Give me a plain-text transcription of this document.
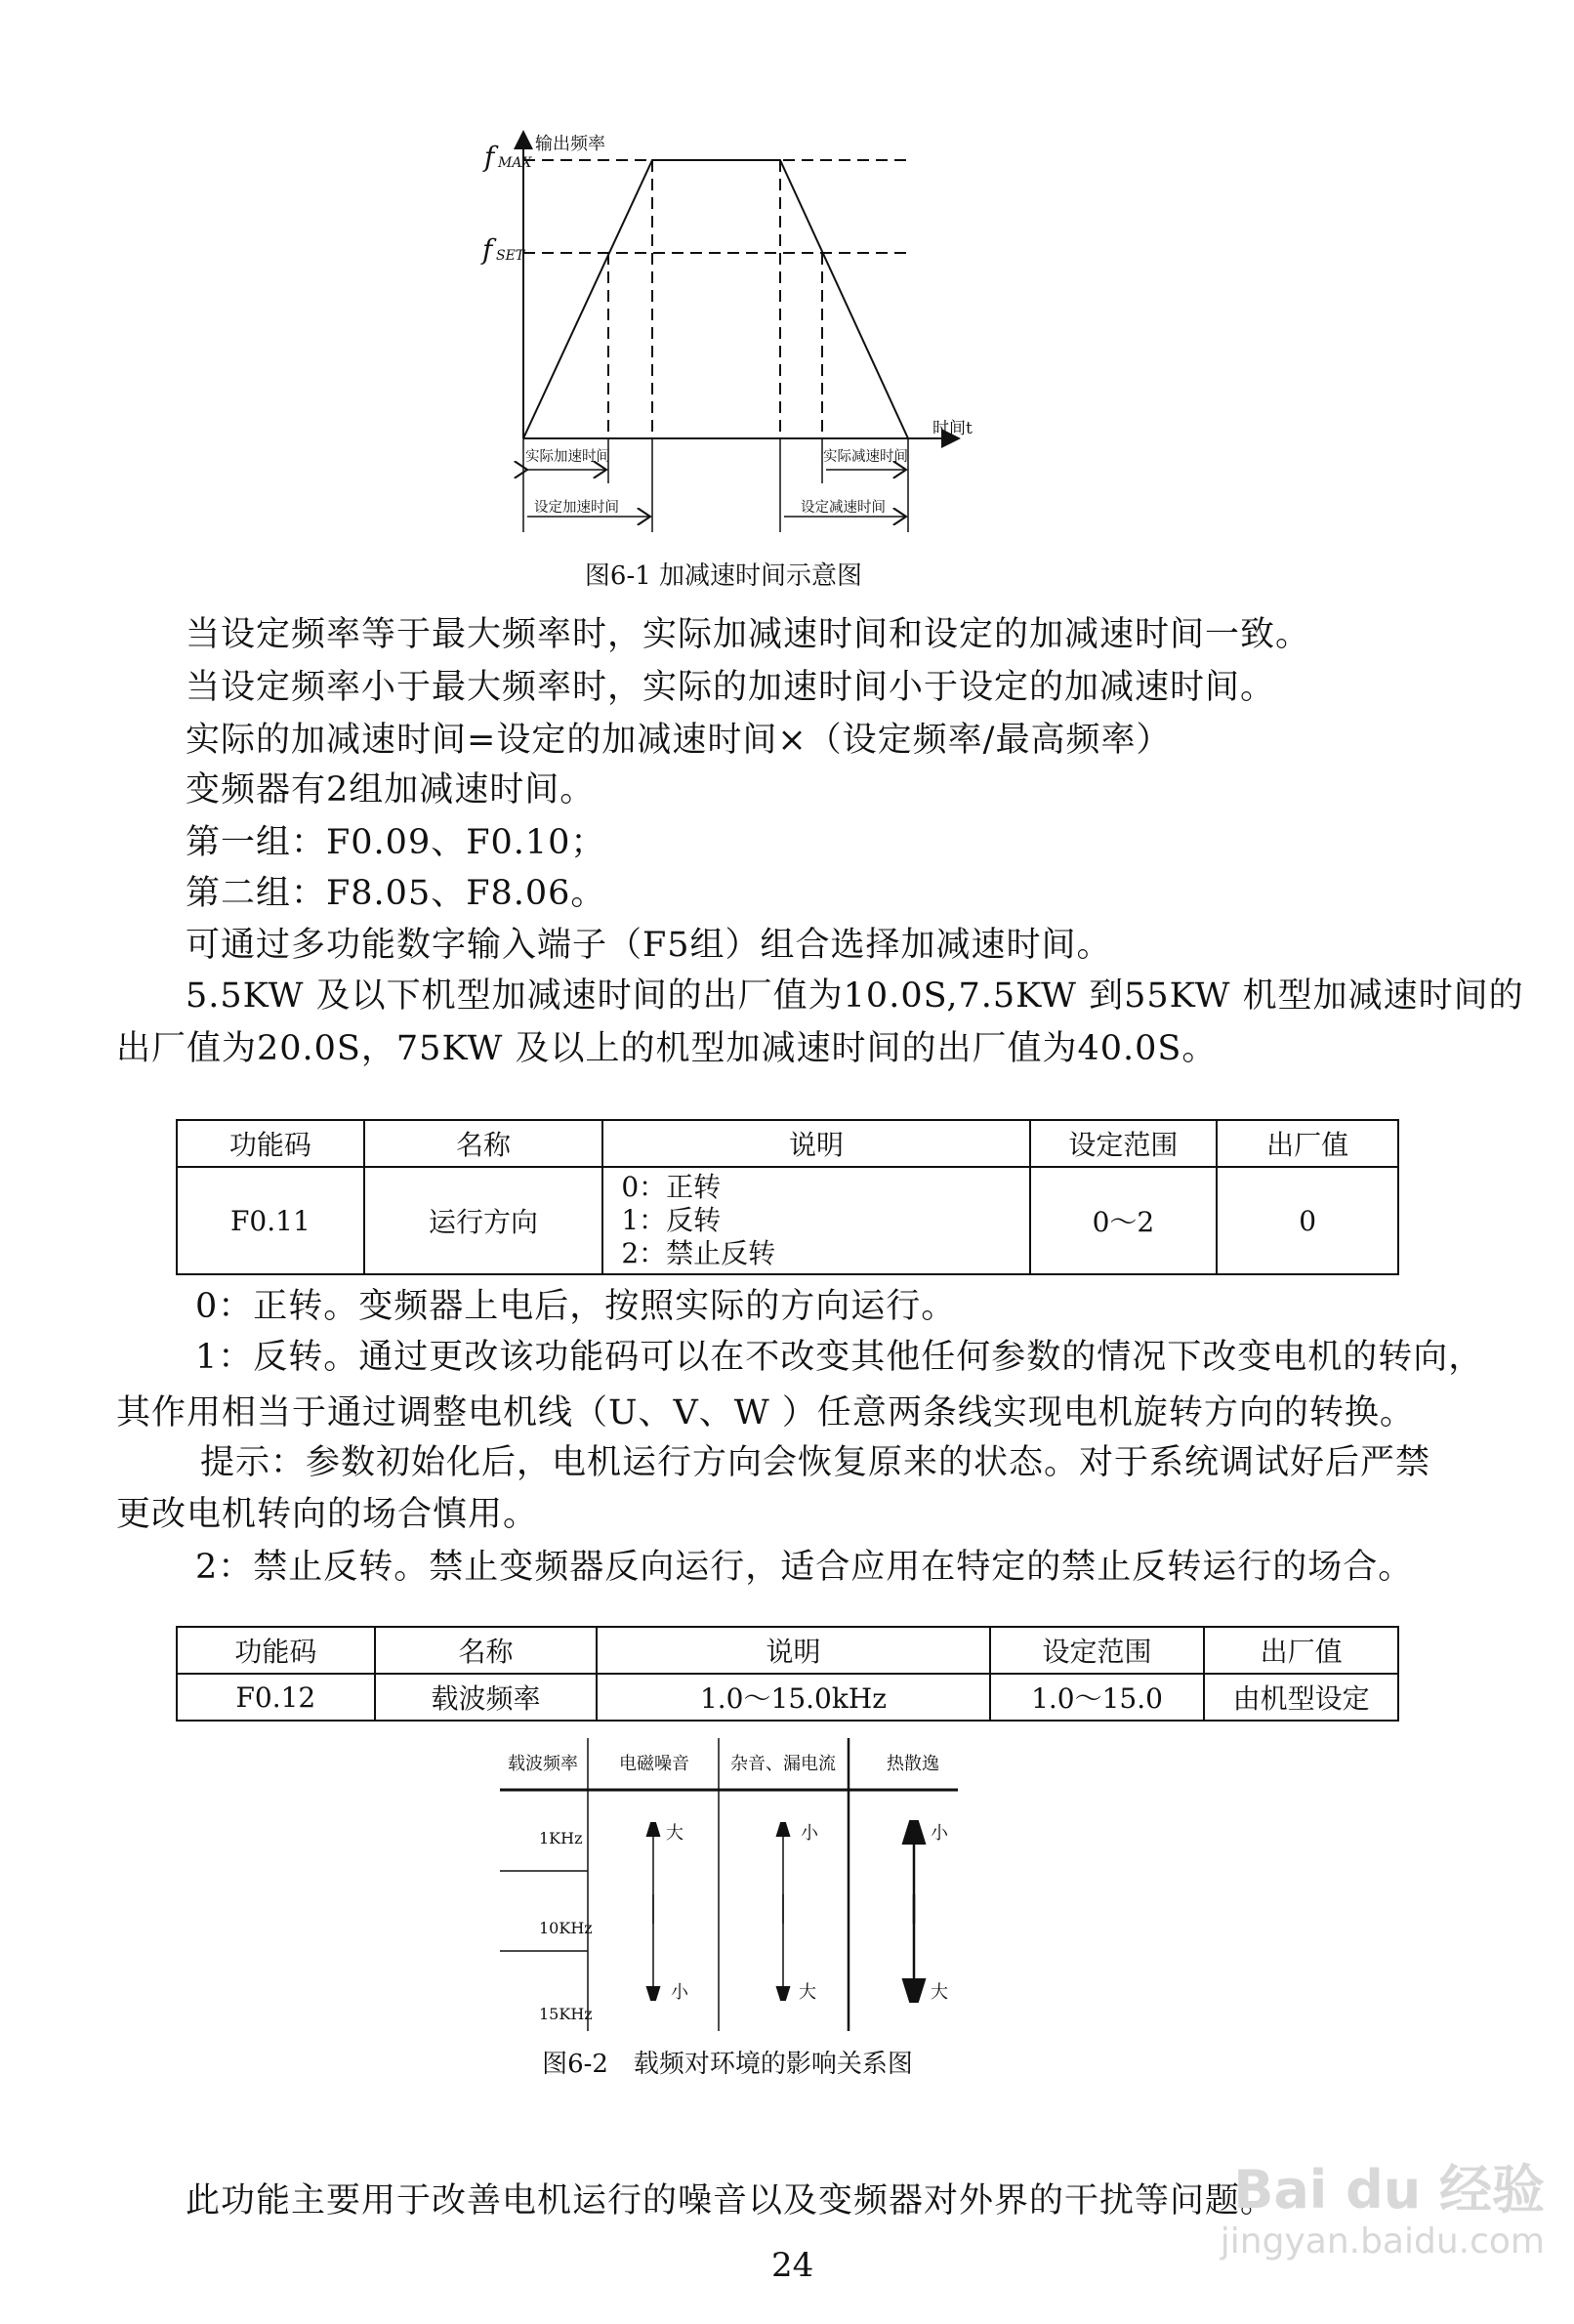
输出频率
f MAX
f SET
时间t
实际加速时间
设定加速时间
实际减速时间
设定减速时间
图6-1 加减速时间示意图
当设定频率等于最大频率时，实际加减速时间和设定的加减速时间一致。
当设定频率小于最大频率时，实际的加速时间小于设定的加减速时间。
实际的加减速时间=设定的加减速时间×（设定频率/最高频率）
变频器有2组加减速时间。
第一组：F0.09、F0.10；
第二组：F8.05、F8.06。
可通过多功能数字输入端子（F5组）组合选择加减速时间。
5.5KW 及以下机型加减速时间的出厂值为10.0S,7.5KW 到55KW 机型加减速时间的
出厂值为20.0S，75KW 及以上的机型加减速时间的出厂值为40.0S。
功能码	名称	说明	设定范围	出厂值
F0.11	运行方向	0：正转
1：反转
2：禁止反转	0～2	0
0：正转。变频器上电后，按照实际的方向运行。
1：反转。通过更改该功能码可以在不改变其他任何参数的情况下改变电机的转向，
其作用相当于通过调整电机线（U、V、W ）任意两条线实现电机旋转方向的转换。
提示：参数初始化后，电机运行方向会恢复原来的状态。对于系统调试好后严禁
更改电机转向的场合慎用。
2：禁止反转。禁止变频器反向运行，适合应用在特定的禁止反转运行的场合。
功能码	名称	说明	设定范围	出厂值
F0.12	载波频率	1.0～15.0kHz	1.0～15.0	由机型设定
载波频率 电磁噪音 杂音、漏电流	热散逸
1KHz
10KHz
15KHz
大	小	小
小	大	大
图6-2　载频对环境的影响关系图
此功能主要用于改善电机运行的噪音以及变频器对外界的干扰等问题。
24
Bai du 经验
jingyan.baidu.com
